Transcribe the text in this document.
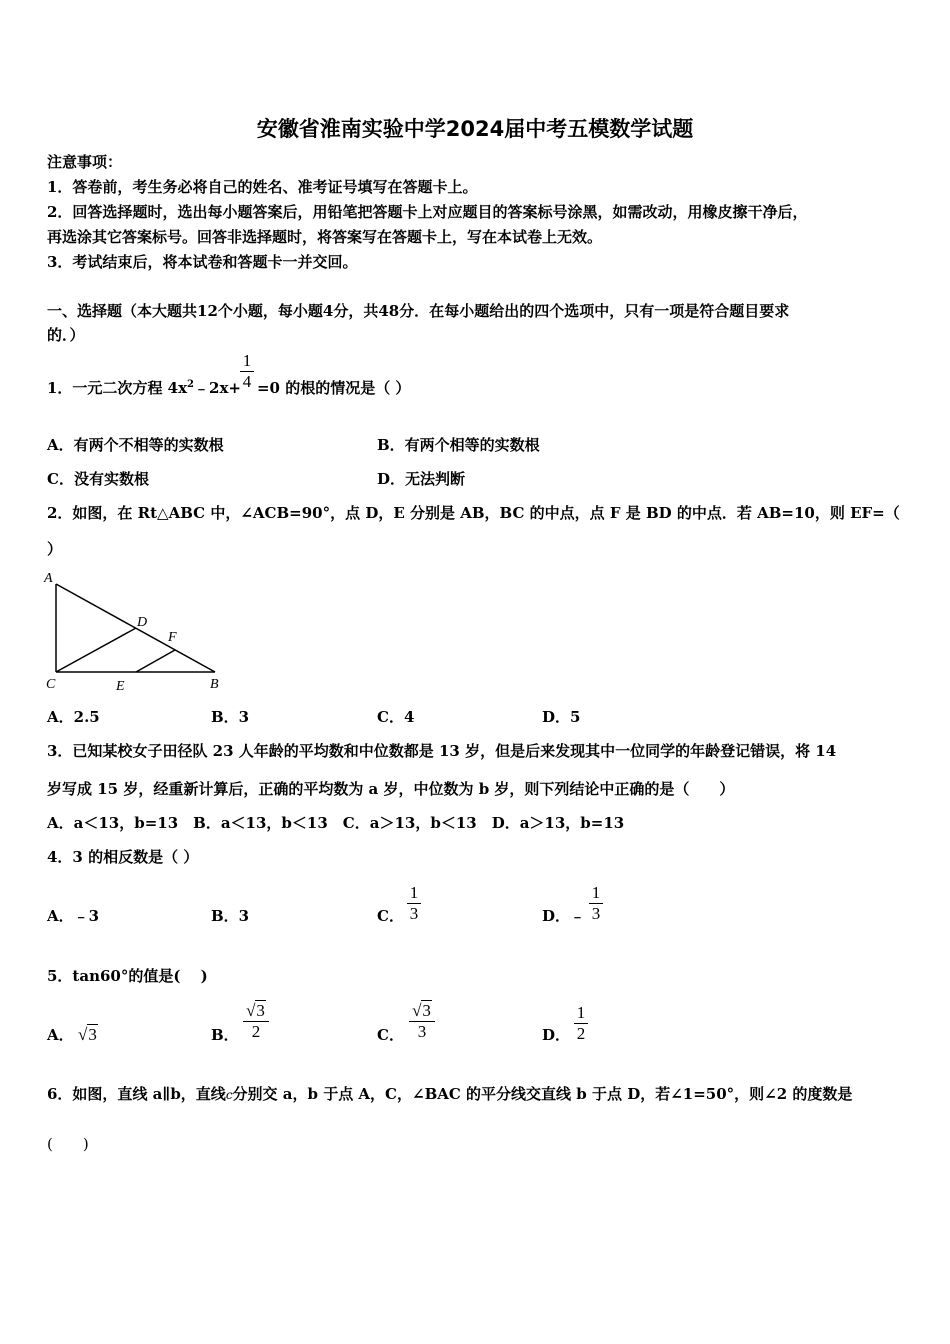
安徽省淮南实验中学2024届中考五模数学试题
注意事项：
1．答卷前，考生务必将自己的姓名、准考证号填写在答题卡上。
2．回答选择题时，选出每小题答案后，用铅笔把答题卡上对应题目的答案标号涂黑，如需改动，用橡皮擦干净后，
再选涂其它答案标号。回答非选择题时，将答案写在答题卡上，写在本试卷上无效。
3．考试结束后，将本试卷和答题卡一并交回。
一、选择题（本大题共12个小题，每小题4分，共48分．在每小题给出的四个选项中，只有一项是符合题目要求
的．）
1．一元二次方程 $4x^2﹣2x+ =0$ 的根的情况是（ ）
1
4
A．有两个不相等的实数根	B．有两个相等的实数根
C．没有实数根	D．无法判断
2．如图，在 Rt△ABC 中，∠ACB=90°，点 D，E 分别是 AB，BC 的中点，点 F 是 BD 的中点．若 AB=10，则 EF=（
）
A
D
F
C	E	B
A．2.5	B．3	C．4	D．5
3．已知某校女子田径队 23 人年龄的平均数和中位数都是 13 岁，但是后来发现其中一位同学的年龄登记错误，将 14
岁写成 15 岁，经重新计算后，正确的平均数为 a 岁，中位数为 b 岁，则下列结论中正确的是（　　）
A．a＜13，b=13　B．a＜13，b＜13　C．a＞13，b＜13　D．a＞13，b=13
4．3 的相反数是（ ）
A．﹣3	B．3	C．
1
3	D．﹣
1
3
5．tan60°的值是(　 )
A． √3	B．
√3
2	C．
√3
3	D．
1
2
6．如图，直线 a∥b，直线c分别交 a，b 于点 A，C，∠BAC 的平分线交直线 b 于点 D，若∠1=50°，则∠2 的度数是
(　　)
